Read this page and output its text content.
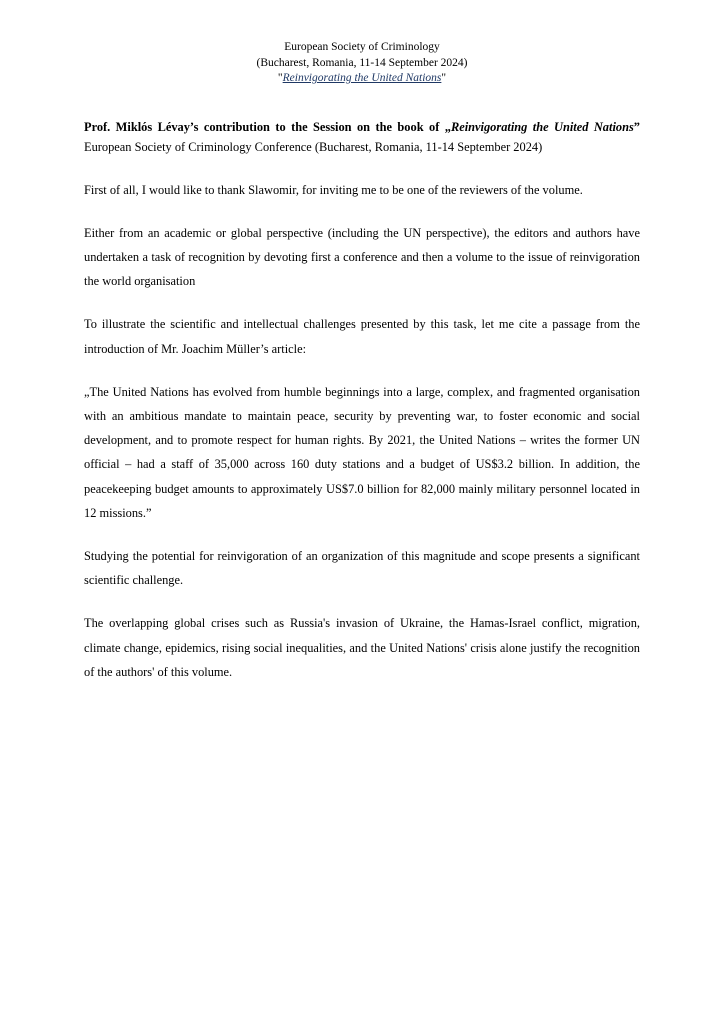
European Society of Criminology
(Bucharest, Romania, 11-14 September 2024)
"Reinvigorating the United Nations"

Prof. Miklós Lévay’s contribution to the Session on the book of „Reinvigorating the United Nations” European Society of Criminology Conference (Bucharest, Romania, 11-14 September 2024)

First of all, I would like to thank Slawomir, for inviting me to be one of the reviewers of the volume.

Either from an academic or global perspective (including the UN perspective), the editors and authors have undertaken a task of recognition by devoting first a conference and then a volume to the issue of reinvigoration the world organisation

To illustrate the scientific and intellectual challenges presented by this task, let me cite a passage from the introduction of Mr. Joachim Müller’s article:

„The United Nations has evolved from humble beginnings into a large, complex, and fragmented organisation with an ambitious mandate to maintain peace, security by preventing war, to foster economic and social development, and to promote respect for human rights. By 2021, the United Nations – writes the former UN official – had a staff of 35,000 across 160 duty stations and a budget of US$3.2 billion. In addition, the peacekeeping budget amounts to approximately US$7.0 billion for 82,000 mainly military personnel located in 12 missions.”

Studying the potential for reinvigoration of an organization of this magnitude and scope presents a significant scientific challenge.

The overlapping global crises such as Russia's invasion of Ukraine, the Hamas-Israel conflict, migration, climate change, epidemics, rising social inequalities, and the United Nations' crisis alone justify the recognition of the authors' of this volume.
